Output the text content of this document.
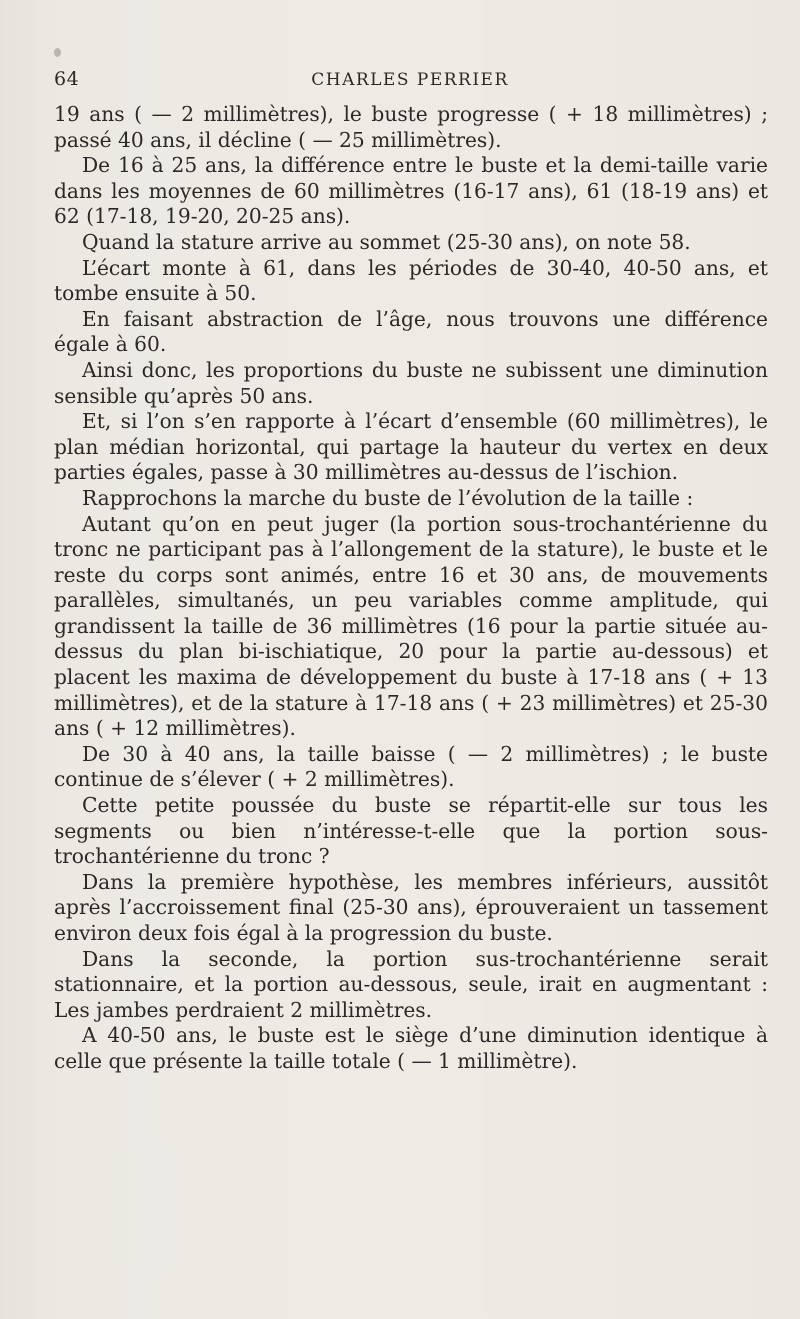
64	CHARLES PERRIER

19 ans ( — 2 millimètres), le buste progresse ( + 18 millimètres) ; passé 40 ans, il décline ( — 25 millimètres).

De 16 à 25 ans, la différence entre le buste et la demi-taille varie dans les moyennes de 60 millimètres (16-17 ans), 61 (18-19 ans) et 62 (17-18, 19-20, 20-25 ans).

Quand la stature arrive au sommet (25-30 ans), on note 58.

L’écart monte à 61, dans les périodes de 30-40, 40-50 ans, et tombe ensuite à 50.

En faisant abstraction de l’âge, nous trouvons une différence égale à 60.

Ainsi donc, les proportions du buste ne subissent une diminution sensible qu’après 50 ans.

Et, si l’on s’en rapporte à l’écart d’ensemble (60 millimètres), le plan médian horizontal, qui partage la hauteur du vertex en deux parties égales, passe à 30 millimètres au-dessus de l’ischion.

Rapprochons la marche du buste de l’évolution de la taille :

Autant qu’on en peut juger (la portion sous-trochantérienne du tronc ne participant pas à l’allongement de la stature), le buste et le reste du corps sont animés, entre 16 et 30 ans, de mouvements parallèles, simultanés, un peu variables comme amplitude, qui grandissent la taille de 36 millimètres (16 pour la partie située au-dessus du plan bi-ischiatique, 20 pour la partie au-dessous) et placent les maxima de développement du buste à 17-18 ans ( + 13 millimètres), et de la stature à 17-18 ans ( + 23 millimètres) et 25-30 ans ( + 12 millimètres).

De 30 à 40 ans, la taille baisse ( — 2 millimètres) ; le buste continue de s’élever ( + 2 millimètres).

Cette petite poussée du buste se répartit-elle sur tous les segments ou bien n’intéresse-t-elle que la portion sous-trochantérienne du tronc ?

Dans la première hypothèse, les membres inférieurs, aussitôt après l’accroissement final (25-30 ans), éprouveraient un tassement environ deux fois égal à la progression du buste.

Dans la seconde, la portion sus-trochantérienne serait stationnaire, et la portion au-dessous, seule, irait en augmentant : Les jambes perdraient 2 millimètres.

A 40-50 ans, le buste est le siège d’une diminution identique à celle que présente la taille totale ( — 1 millimètre).
